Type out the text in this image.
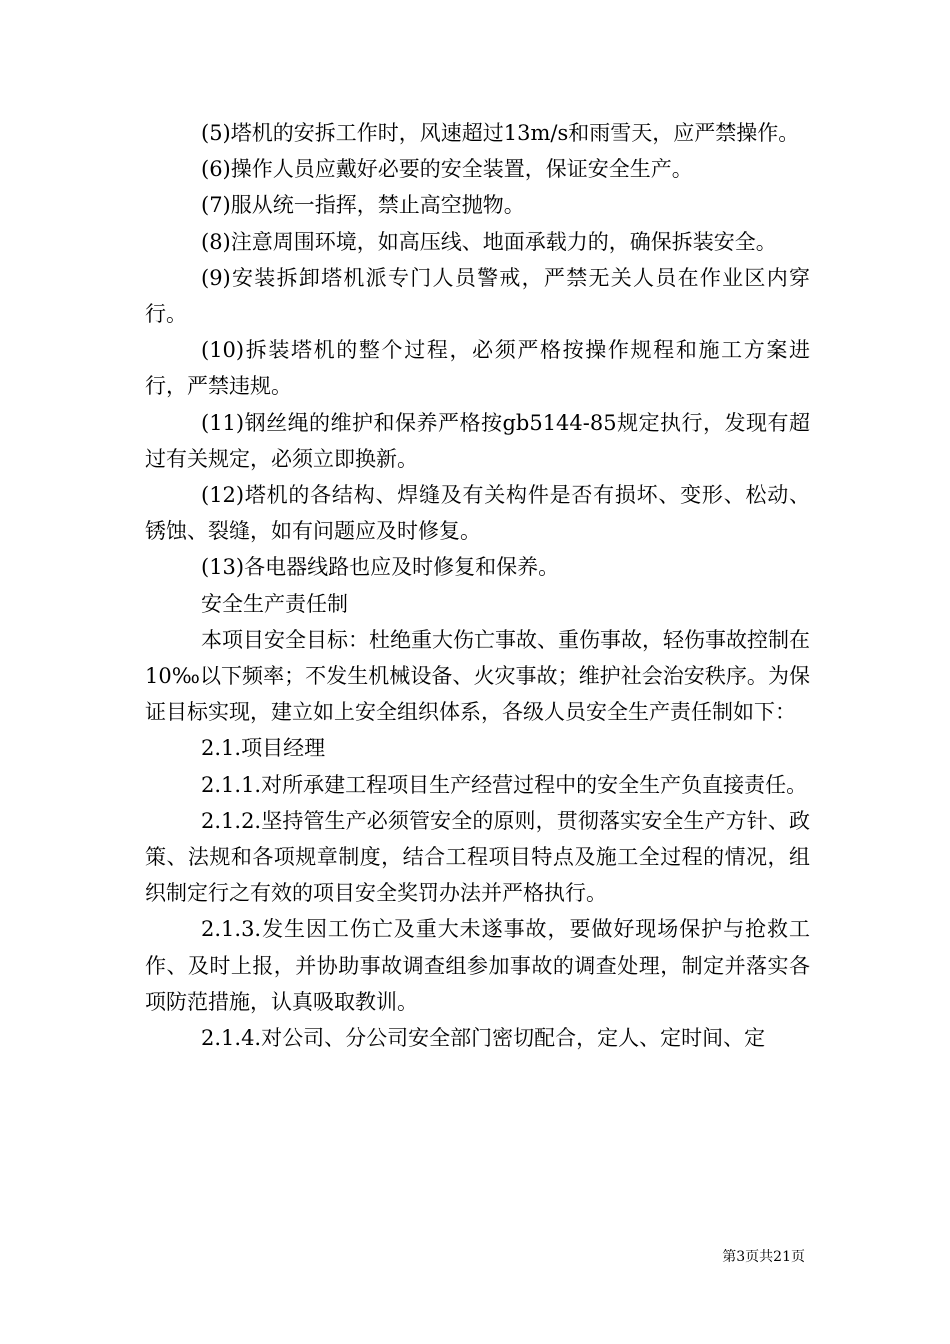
(5)塔机的安拆工作时，风速超过13m/s和雨雪天，应严禁操作。

(6)操作人员应戴好必要的安全装置，保证安全生产。

(7)服从统一指挥，禁止高空抛物。

(8)注意周围环境，如高压线、地面承载力的，确保拆装安全。

(9)安装拆卸塔机派专门人员警戒，严禁无关人员在作业区内穿行。

(10)拆装塔机的整个过程，必须严格按操作规程和施工方案进行，严禁违规。

(11)钢丝绳的维护和保养严格按gb5144-85规定执行，发现有超过有关规定，必须立即换新。

(12)塔机的各结构、焊缝及有关构件是否有损坏、变形、松动、锈蚀、裂缝，如有问题应及时修复。

(13)各电器线路也应及时修复和保养。

安全生产责任制

本项目安全目标：杜绝重大伤亡事故、重伤事故，轻伤事故控制在10‰以下频率；不发生机械设备、火灾事故；维护社会治安秩序。为保证目标实现，建立如上安全组织体系，各级人员安全生产责任制如下：

2.1.项目经理

2.1.1.对所承建工程项目生产经营过程中的安全生产负直接责任。

2.1.2.坚持管生产必须管安全的原则，贯彻落实安全生产方针、政策、法规和各项规章制度，结合工程项目特点及施工全过程的情况，组织制定行之有效的项目安全奖罚办法并严格执行。

2.1.3.发生因工伤亡及重大未遂事故，要做好现场保护与抢救工作、及时上报，并协助事故调查组参加事故的调查处理，制定并落实各项防范措施，认真吸取教训。

2.1.4.对公司、分公司安全部门密切配合，定人、定时间、定

第3页共21页
